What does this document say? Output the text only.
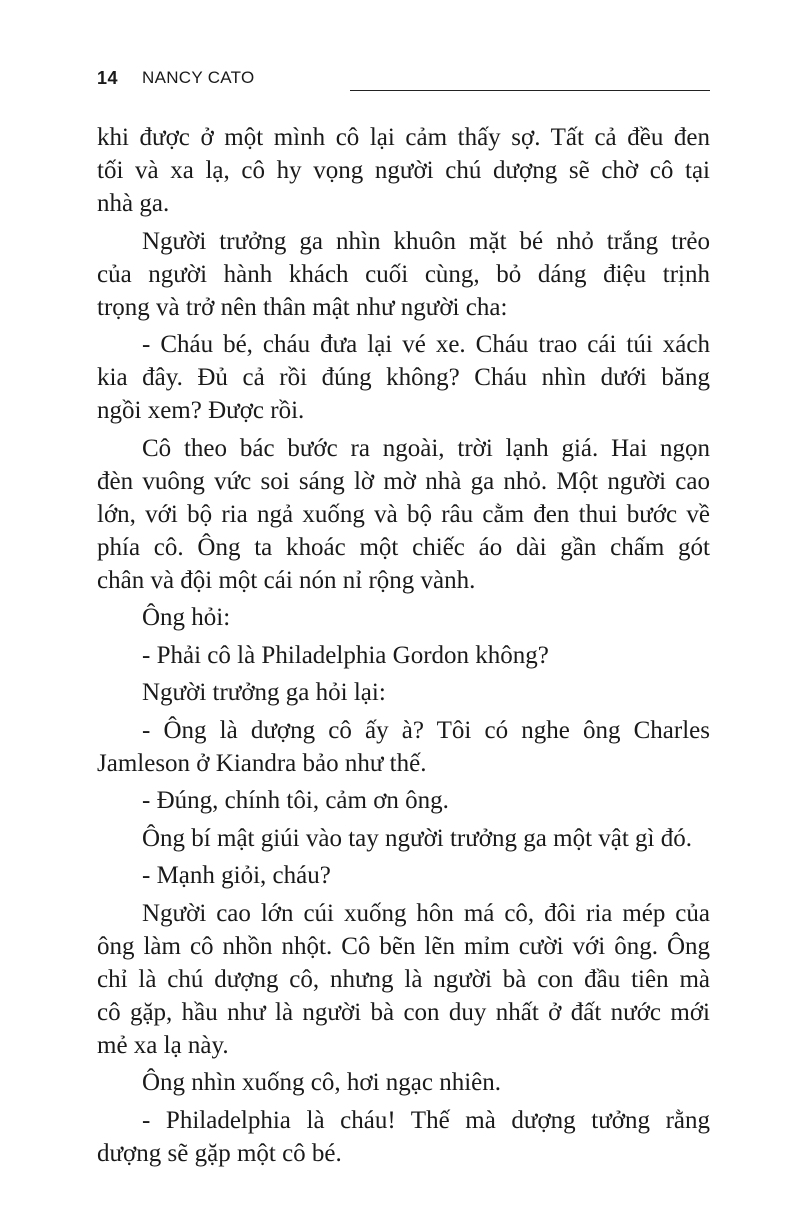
14 NANCY CATO
khi được ở một mình cô lại cảm thấy sợ. Tất cả đều đen
tối và xa lạ, cô hy vọng người chú dượng sẽ chờ cô tại
nhà ga.
Người trưởng ga nhìn khuôn mặt bé nhỏ trắng trẻo
của người hành khách cuối cùng, bỏ dáng điệu trịnh
trọng và trở nên thân mật như người cha:
- Cháu bé, cháu đưa lại vé xe. Cháu trao cái túi xách
kia đây. Đủ cả rồi đúng không? Cháu nhìn dưới băng
ngồi xem? Được rồi.
Cô theo bác bước ra ngoài, trời lạnh giá. Hai ngọn
đèn vuông vức soi sáng lờ mờ nhà ga nhỏ. Một người cao
lớn, với bộ ria ngả xuống và bộ râu cằm đen thui bước về
phía cô. Ông ta khoác một chiếc áo dài gần chấm gót
chân và đội một cái nón nỉ rộng vành.
Ông hỏi:
- Phải cô là Philadelphia Gordon không?
Người trưởng ga hỏi lại:
- Ông là dượng cô ấy à? Tôi có nghe ông Charles
Jamleson ở Kiandra bảo như thế.
- Đúng, chính tôi, cảm ơn ông.
Ông bí mật giúi vào tay người trưởng ga một vật gì đó.
- Mạnh giỏi, cháu?
Người cao lớn cúi xuống hôn má cô, đôi ria mép của
ông làm cô nhồn nhột. Cô bẽn lẽn mỉm cười với ông. Ông
chỉ là chú dượng cô, nhưng là người bà con đầu tiên mà
cô gặp, hầu như là người bà con duy nhất ở đất nước mới
mẻ xa lạ này.
Ông nhìn xuống cô, hơi ngạc nhiên.
- Philadelphia là cháu! Thế mà dượng tưởng rằng
dượng sẽ gặp một cô bé.
